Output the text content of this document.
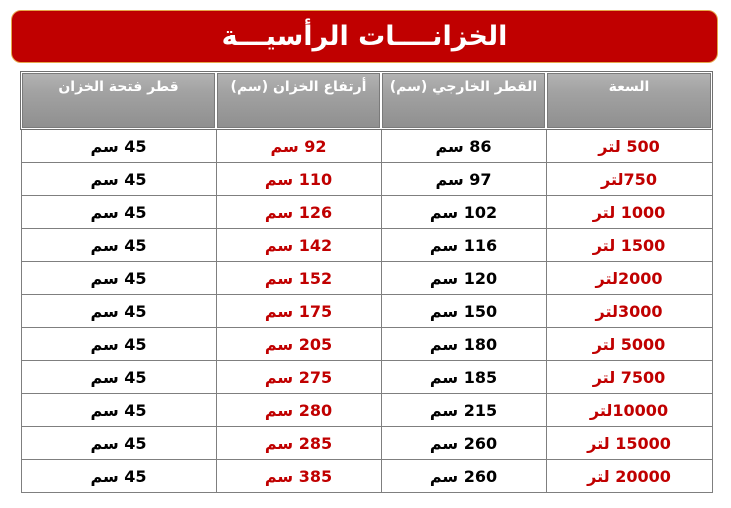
الخزانــــات الرأسيـــة
السعة	القطر الخارجي (سم)	أرتفاع الخزان (سم)	قطر فتحة الخزان
500 لتر	86 سم	92 سم	45 سم
750لتر	97 سم	110 سم	45 سم
1000 لتر	102 سم	126 سم	45 سم
1500 لتر	116 سم	142 سم	45 سم
2000لتر	120 سم	152 سم	45 سم
3000لتر	150 سم	175 سم	45 سم
5000 لتر	180 سم	205 سم	45 سم
7500 لتر	185 سم	275 سم	45 سم
10000لتر	215 سم	280 سم	45 سم
15000 لتر	260 سم	285 سم	45 سم
20000 لتر	260 سم	385 سم	45 سم
